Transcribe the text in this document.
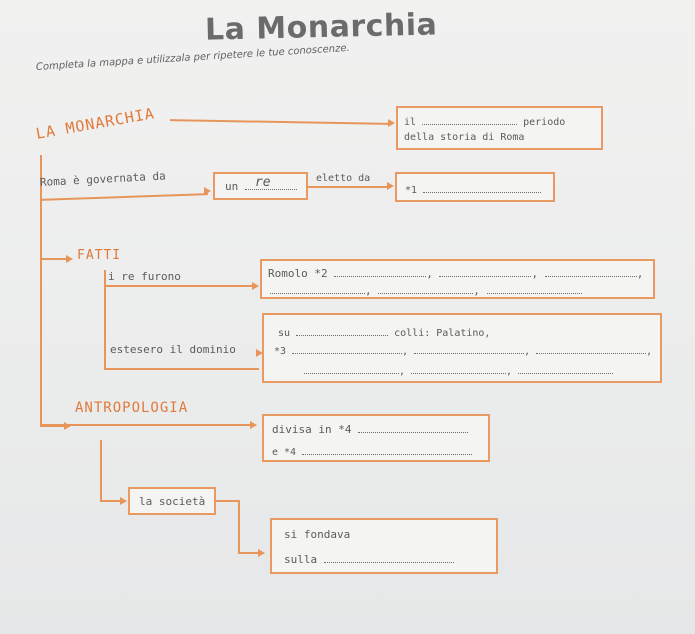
La Monarchia
Completa la mappa e utilizzala per ripetere le tue conoscenze.
LA MONARCHIA	il	periodo
della storia di Roma
Roma è governata da	un re	eletto da
*1
FATTI
i re furono	Romolo *2	,	,	,
,	,
estesero il dominio
su	colli: Palatino,
*3	,	,	,
,	,
ANTROPOLOGIA
divisa in *4
e *4
la società
si fondava
sulla
